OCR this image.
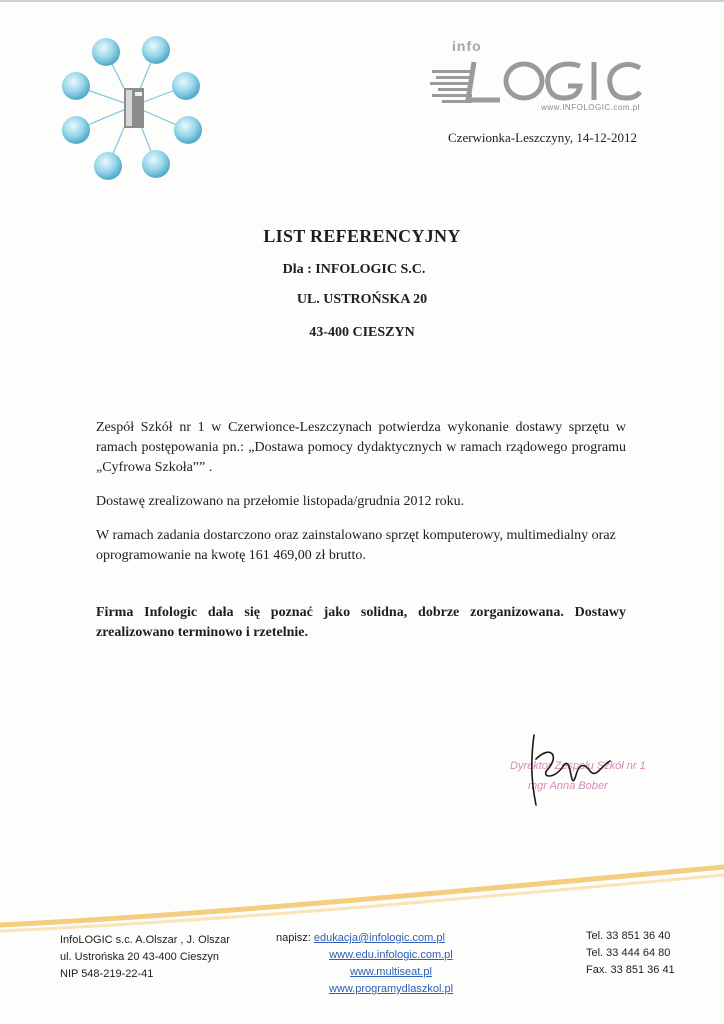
info
www.INFOLOGIC.com.pl
Czerwionka-Leszczyny, 14-12-2012
LIST REFERENCYJNY
Dla : INFOLOGIC S.C.
UL. USTROŃSKA 20
43-400 CIESZYN

Zespół Szkół nr 1 w Czerwionce-Leszczynach potwierdza wykonanie dostawy sprzętu w ramach postępowania pn.: „Dostawa pomocy dydaktycznych w ramach rządowego programu „Cyfrowa Szkoła”” .

Dostawę zrealizowano na przełomie listopada/grudnia 2012 roku.

W ramach zadania dostarczono oraz zainstalowano sprzęt komputerowy, multimedialny oraz oprogramowanie na kwotę 161 469,00 zł brutto.

Firma Infologic dała się poznać jako solidna, dobrze zorganizowana. Dostawy zrealizowano terminowo i rzetelnie.
Dyrektor Zespołu Szkół nr 1
mgr Anna Bober
InfoLOGIC s.c. A.Olszar , J. Olszar
ul. Ustrońska 20 43-400 Cieszyn
NIP 548-219-22-41
napisz: edukacja@infologic.com.pl
www.edu.infologic.com.pl
www.multiseat.pl
www.programydlaszkol.pl
Tel. 33 851 36 40
Tel. 33 444 64 80
Fax. 33 851 36 41
